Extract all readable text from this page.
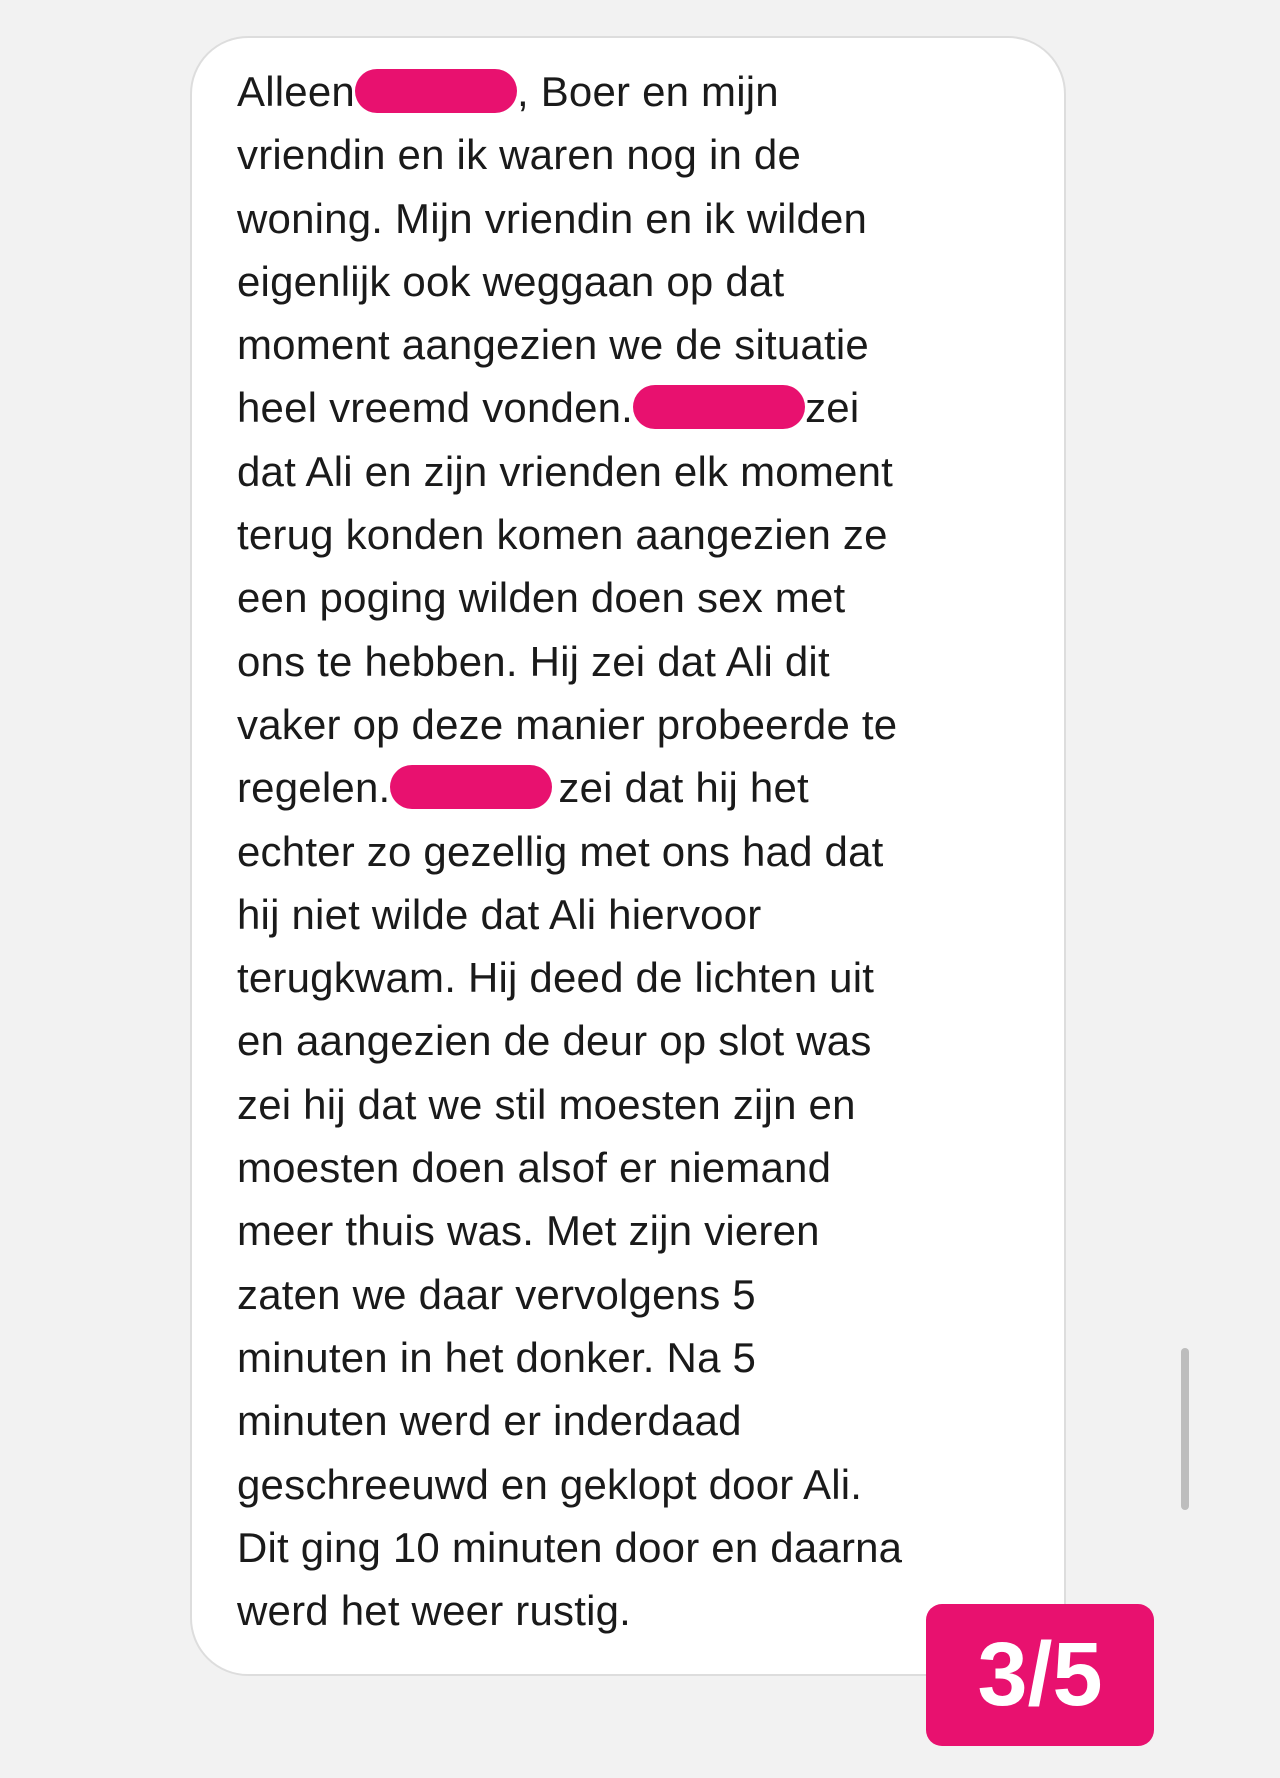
Alleen	, Boer en mijn
vriendin en ik waren nog in de
woning. Mijn vriendin en ik wilden
eigenlijk ook weggaan op dat
moment aangezien we de situatie
heel vreemd vonden.	zei
dat Ali en zijn vrienden elk moment
terug konden komen aangezien ze
een poging wilden doen sex met
ons te hebben. Hij zei dat Ali dit
vaker op deze manier probeerde te
regelen.	zei dat hij het
echter zo gezellig met ons had dat
hij niet wilde dat Ali hiervoor
terugkwam. Hij deed de lichten uit
en aangezien de deur op slot was
zei hij dat we stil moesten zijn en
moesten doen alsof er niemand
meer thuis was. Met zijn vieren
zaten we daar vervolgens 5
minuten in het donker. Na 5
minuten werd er inderdaad
geschreeuwd en geklopt door Ali.
Dit ging 10 minuten door en daarna
werd het weer rustig.
3/5
